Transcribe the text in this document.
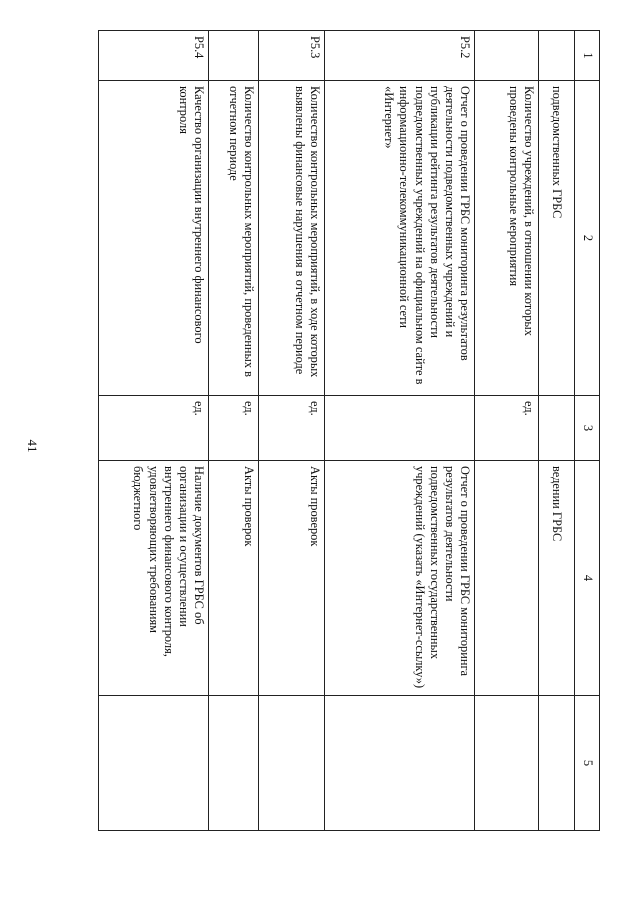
41
1	2	3	4	5
	подведомственных ГРБС		ведении ГРБС	
	Количество учреждений, в отношении которых проведены контрольные мероприятия	ед.		
P5.2	Отчет о проведении ГРБС мониторинга результатов деятельности подведомственных учреждений и публикации рейтинга результатов деятельности подведомственных учреждений на официальном сайте в информационно-телекоммуникационной сети «Интернет»		Отчет о проведении ГРБС мониторинга результатов деятельности подведомственных государственных учреждений (указать «Интернет-ссылку»)	
P5.3	Количество контрольных мероприятий, в ходе которых выявлены финансовые нарушения в отчетном периоде	ед.	Акты проверок	
	Количество контрольных мероприятий, проведенных в отчетном периоде	ед.	Акты проверок	
P5.4	Качество организации внутреннего финансового контроля	ед.	Наличие документов ГРБС об организации и осуществлении внутреннего финансового контроля, удовлетворяющих требованиям бюджетного	
